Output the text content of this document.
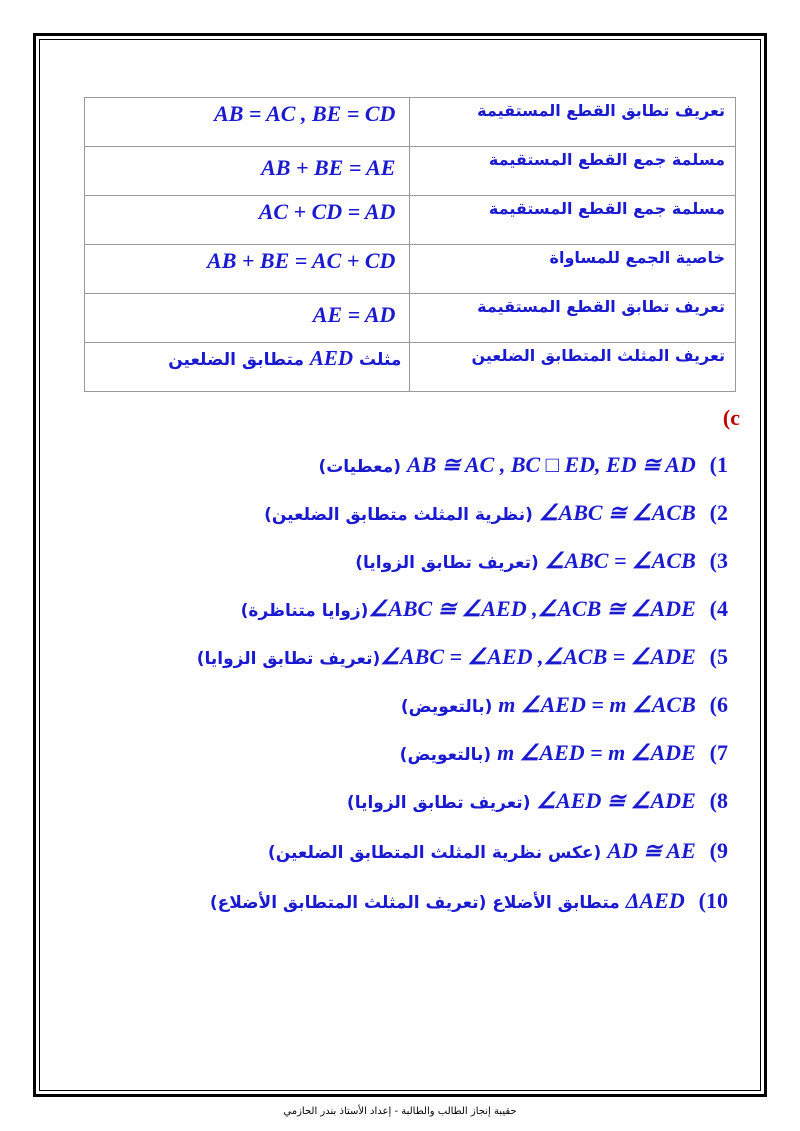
AB = AC , BE = CD	تعريف تطابق القطع المستقيمة

AB + BE = AE	مسلمة جمع القطع المستقيمة

AC + CD = AD	مسلمة جمع القطع المستقيمة

AB + BE = AC + CD	خاصية الجمع للمساواة

AE = AD	تعريف تطابق القطع المستقيمة

مثلث AED متطابق الضلعين	تعريف المثلث المتطابق الضلعين
(c
1) AB ≅ AC , BC □ ED, ED ≅ AD (معطيات)
2) ∠ABC ≅ ∠ACB (نظرية المثلث متطابق الضلعين)
3) ∠ABC = ∠ACB (تعريف تطابق الزوايا)
4) ∠ABC ≅ ∠AED ,∠ACB ≅ ∠ADE(زوايا متناظرة)
5) ∠ABC = ∠AED ,∠ACB = ∠ADE(تعريف تطابق الزوايا)
6) m ∠AED = m ∠ACB (بالتعويض)
7) m ∠AED = m ∠ADE (بالتعويض)
8) ∠AED ≅ ∠ADE (تعريف تطابق الزوايا)
9) AD ≅ AE (عكس نظرية المثلث المتطابق الضلعين)
10) ΔAED متطابق الأضلاع (تعريف المثلث المتطابق الأضلاع)
حقيبة إنجاز الطالب والطالبة - إعداد الأستاذ بندر الحازمي
